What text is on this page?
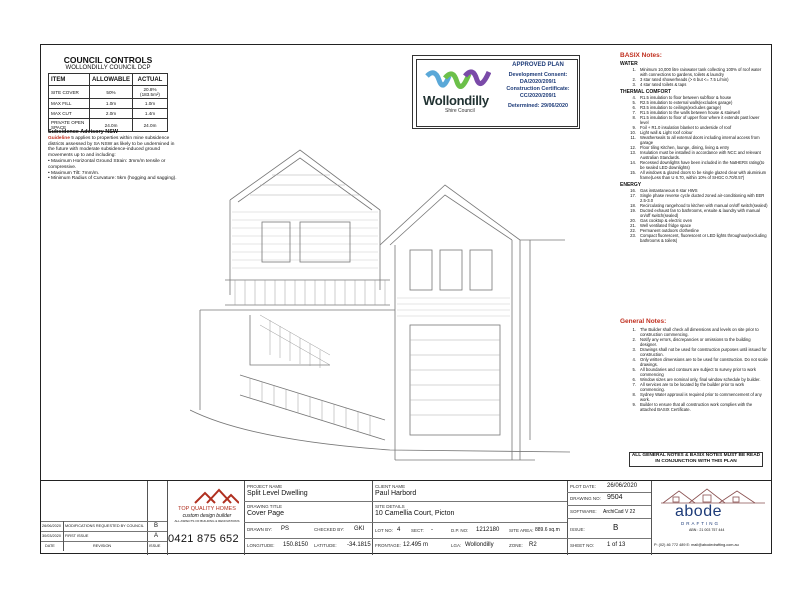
COUNCIL CONTROLS
WOLLONDILLY COUNCIL DCP
ITEM	ALLOWABLE	ACTUAL
SITE COVER	50%	20.8% (183.5m²)
MAX FILL	1.0m	1.0m
MAX CUT	2.0m	1.4m
PRIVATE OPEN SPACE	24.0m	24.0m
Subsidence Advisory NSW
Guideline 5 applies to properties within mine subsidence districts assessed by SA NSW as likely to be undermined in the future with moderate subsidence-induced ground movements up to and including:
• Maximum Horizontal Ground Strain: 3mm/m tensile or compressive.
• Maximum Tilt: 7mm/m.
• Minimum Radius of Curvature: 5km (hogging and sagging).
Wollondilly
Shire Council
APPROVED PLAN
Development Consent:
DA/2020/209/1
Construction Certificate:
CC/2020/209/1
Determined: 29/06/2020
BASIX Notes:
WATER
1. Minimum 10,000 litre rainwater tank collecting 100% of roof water with connections to gardens, toilets & laundry
2. 3 star rated showerheads (> 6 but <= 7.5 L/min)
3. 4 star rated toilets & taps
THERMAL COMFORT
4. R1.5 insulation to floor between subfloor & house
5. R2.5 insulation to external walls(excludes garage)
6. R3.5 insulation to ceilings(excludes garage)
7. R1.5 insulation to the walls between house & stairwell
8. R1.5 insulation to floor of upper floor where it extends past lower level
9. Foil + R1.0 insulation blanket to underside of roof
10. Light wall & Light roof colour
11. Weatherseals to all external doors including internal access from garage
12. Floor tiling Kitchen, lounge, dining, living & entry
13. Insulation must be installed in accordance with NCC and relevant Australian Standards.
14. Recessed downlights have been included in the NatHERS rating(to be sealed LED downlights)
15. All windows & glazed doors to be single glazed clear with aluminium frame(Less than U 6.70, within 10% of SHGC 0.70/0.57)
ENERGY
16. Gas instantaneous 6 star HWS
17. Single phase reverse cycle ducted zoned air-conditioning with EER 2.5-3.0
18. Recirculating rangehood to kitchen with manual on/off switch(sealed)
19. Ducted exhaust fan to bathrooms, ensuite & laundry with manual on/off switch(sealed)
20. Gas cooktop & electric oven
21. Well ventilated fridge space
22. Permanent outdoors clothesline
23. Compact fluorescent, fluorescent or LED lights throughout(excluding bathrooms & toilets)
General Notes:
1. The Builder shall check all dimensions and levels on site prior to construction commencing.
2. Notify any errors, discrepancies or omissions to the building designer.
3. Drawings shall not be used for construction purposes until issued for construction.
4. Only written dimensions are to be used for construction. Do not scale drawings.
5. All boundaries and contours are subject to survey prior to work commencing
6. Window sizes are nominal only, final window schedule by builder.
7. All services are to be located by the builder prior to work commencing.
8. Sydney Water approval is required prior to commencement of any work.
9. Builder to ensure that all construction work complies with the attached BASIX Certificate.
ALL GENERAL NOTES & BASIX NOTES MUST BE READ IN CONJUNCTION WITH THIS PLAN
26/06/2020 MODIFICATIONS REQUESTED BY COUNCIL B
30/03/2020 FIRST ISSUE	A
DATE	REVISION	ISSUE
TOP QUALITY HOMES
custom design builder
ALL ASPECTS OF BUILDING & RENOVATIONS
0421 875 652
PROJECT NAME
Split Level Dwelling
DRAWING TITLE
Cover Page
DRAWN BY: PS	CHECKED BY: GKI
LONGITUDE: 150.8150 LATITUDE: -34.1815
CLIENT NAME
Paul Harbord
SITE DETAILS
10 Camellia Court, Picton
LOT NO: 4 SECT: -	D.P. NO: 1212180 SITE AREA: 889.6 sq.m
FRONTAGE: 12.495 m	LGA: Wollondilly	ZONE: R2
PLOT DATE: 26/06/2020
DRAWING NO: 9504
SOFTWARE: ArchiCad V 22
ISSUE:	B
SHEET NO: 1 of 13
abode
DRAFTING
ABN : 21 003 757 444
P: (02) 46 772 489 E: mail@abodedrafting.com.au
